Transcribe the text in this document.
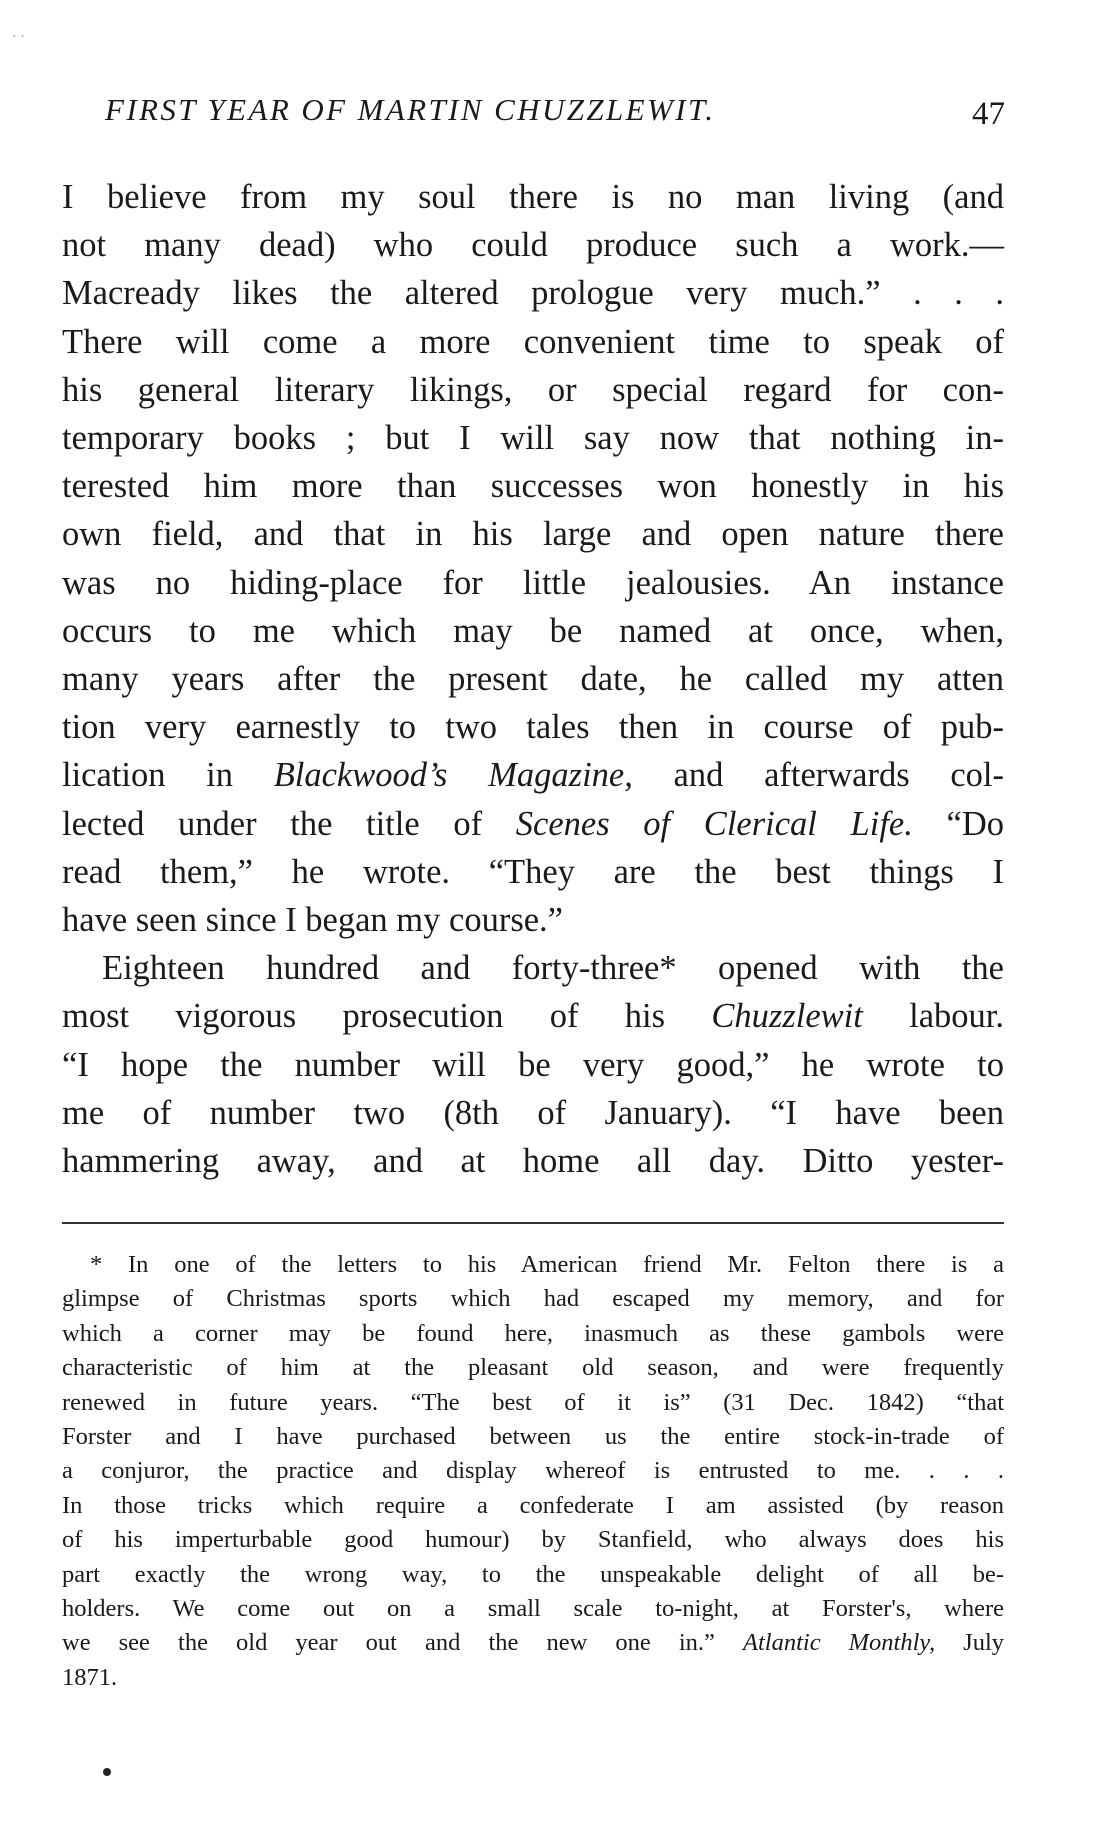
· ·
FIRST YEAR OF MARTIN CHUZZLEWIT.	47
I believe from my soul there is no man living (and
not many dead) who could produce such a work.—
Macready likes the altered prologue very much.” . . .
There will come a more convenient time to speak of
his general literary likings, or special regard for con-
temporary books ; but I will say now that nothing in-
terested him more than successes won honestly in his
own field, and that in his large and open nature there
was no hiding-place for little jealousies. An instance
occurs to me which may be named at once, when,
many years after the present date, he called my atten
tion very earnestly to two tales then in course of pub-
lication in Blackwood’s Magazine, and afterwards col-
lected under the title of Scenes of Clerical Life. “Do
read them,” he wrote. “They are the best things I
have seen since I began my course.”
Eighteen hundred and forty-three* opened with the
most vigorous prosecution of his Chuzzlewit labour.
“I hope the number will be very good,” he wrote to
me of number two (8th of January). “I have been
hammering away, and at home all day. Ditto yester-
* In one of the letters to his American friend Mr. Felton there is a
glimpse of Christmas sports which had escaped my memory, and for
which a corner may be found here, inasmuch as these gambols were
characteristic of him at the pleasant old season, and were frequently
renewed in future years. “The best of it is” (31 Dec. 1842) “that
Forster and I have purchased between us the entire stock-in-trade of
a conjuror, the practice and display whereof is entrusted to me. . . .
In those tricks which require a confederate I am assisted (by reason
of his imperturbable good humour) by Stanfield, who always does his
part exactly the wrong way, to the unspeakable delight of all be-
holders. We come out on a small scale to-night, at Forster's, where
we see the old year out and the new one in.” Atlantic Monthly, July
1871.
